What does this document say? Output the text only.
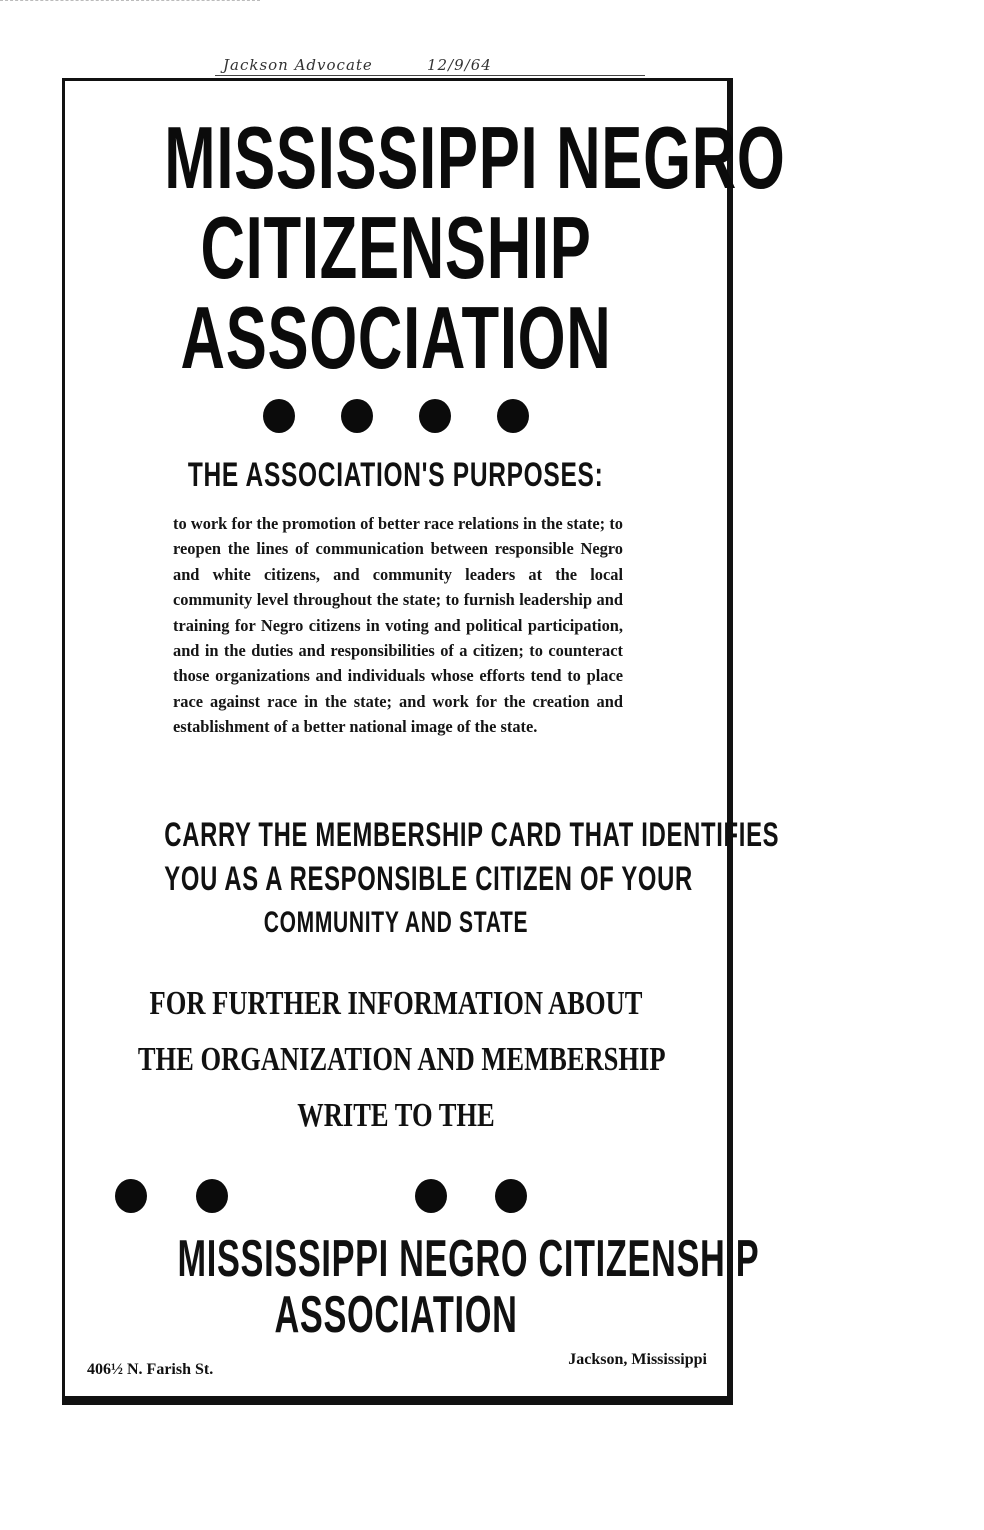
Jackson Advocate	12/9/64
MISSISSIPPI NEGRO
CITIZENSHIP
ASSOCIATION
THE ASSOCIATION'S PURPOSES:
to work for the promotion of better race relations in the state; to reopen the lines of communication between responsible Negro and white citizens, and community leaders at the local community level throughout the state; to furnish leadership and training for Negro citizens in voting and political participation, and in the duties and responsibilities of a citizen; to counteract those organizations and individuals whose efforts tend to place race against race in the state; and work for the creation and establishment of a better national image of the state.
CARRY THE MEMBERSHIP CARD THAT IDENTIFIES
YOU AS A RESPONSIBLE CITIZEN OF YOUR
COMMUNITY AND STATE
FOR FURTHER INFORMATION ABOUT
THE ORGANIZATION AND MEMBERSHIP
WRITE TO THE
MISSISSIPPI NEGRO CITIZENSHIP
ASSOCIATION
406½ N. Farish St.
Jackson, Mississippi
